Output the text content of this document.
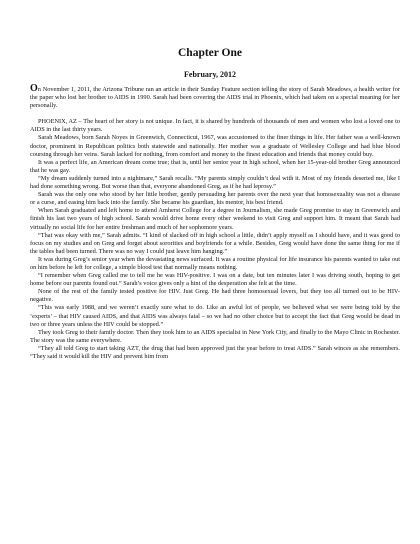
Chapter One
February, 2012

On November 1, 2011, the Arizona Tribune ran an article in their Sunday Feature section telling the story of Sarah Meadows, a health writer for the paper who lost her brother to AIDS in 1990. Sarah had been covering the AIDS trial in Phoenix, which had taken on a special meaning for her personally.

PHOENIX, AZ – The heart of her story is not unique. In fact, it is shared by hundreds of thousands of men and women who lost a loved one to AIDS in the last thirty years.

Sarah Meadows, born Sarah Noyes in Greenwich, Connecticut, 1967, was accustomed to the finer things in life. Her father was a well-known doctor, prominent in Republican politics both statewide and nationally. Her mother was a graduate of Wellesley College and had blue blood coursing through her veins. Sarah lacked for nothing, from comfort and money to the finest education and friends that money could buy.

It was a perfect life, an American dream come true; that is, until her senior year in high school, when her 15-year-old brother Greg announced that he was gay.

“My dream suddenly turned into a nightmare,” Sarah recalls. “My parents simply couldn’t deal with it. Most of my friends deserted me, like I had done something wrong. But worse than that, everyone abandoned Greg, as if he had leprosy.”

Sarah was the only one who stood by her little brother, gently persuading her parents over the next year that homosexuality was not a disease or a curse, and easing him back into the family. She became his guardian, his mentor, his best friend.

When Sarah graduated and left home to attend Amherst College for a degree in Journalism, she made Greg promise to stay in Greenwich and finish his last two years of high school. Sarah would drive home every other weekend to visit Greg and support him. It meant that Sarah had virtually no social life for her entire freshman and much of her sophomore years.

“That was okay with me,” Sarah admits. “I kind of slacked off in high school a little, didn’t apply myself as I should have, and it was good to focus on my studies and on Greg and forget about sororities and boyfriends for a while. Besides, Greg would have done the same thing for me if the tables had been turned. There was no way I could just leave him hanging.”

It was during Greg’s senior year when the devastating news surfaced. It was a routine physical for life insurance his parents wanted to take out on him before he left for college, a simple blood test that normally means nothing.

“I remember when Greg called me to tell me he was HIV-positive. I was on a date, but ten minutes later I was driving south, hoping to get home before our parents found out.” Sarah’s voice gives only a hint of the desperation she felt at the time.

None of the rest of the family tested positive for HIV. Just Greg. He had three homosexual lovers, but they too all turned out to be HIV-negative.

“This was early 1988, and we weren’t exactly sure what to do. Like an awful lot of people, we believed what we were being told by the ‘experts’ – that HIV caused AIDS, and that AIDS was always fatal – so we had no other choice but to accept the fact that Greg would be dead in two or three years unless the HIV could be stopped.”

They took Greg to their family doctor. Then they took him to an AIDS specialist in New York City, and finally to the Mayo Clinic in Rochester. The story was the same everywhere.

“They all told Greg to start taking AZT, the drug that had been approved just the year before to treat AIDS.” Sarah winces as she remembers. “They said it would kill the HIV and prevent him from
